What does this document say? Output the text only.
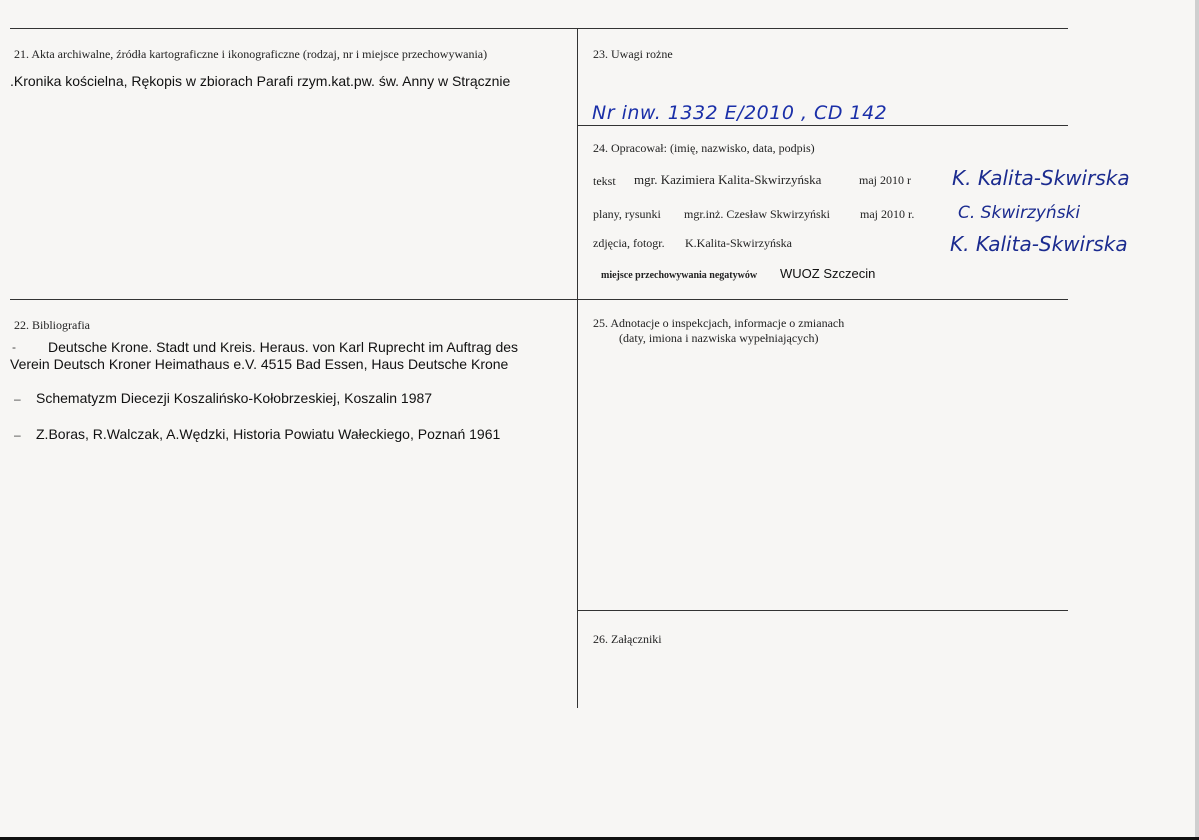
21. Akta archiwalne, źródła kartograficzne i ikonograficzne (rodzaj, nr i miejsce przechowywania)
.Kronika kościelna, Rękopis w zbiorach Parafi rzym.kat.pw. św. Anny w Strącznie
22. Bibliografia
- Deutsche Krone. Stadt und Kreis. Heraus. von Karl Ruprecht im Auftrag des
Verein Deutsch Kroner Heimathaus e.V. 4515 Bad Essen, Haus Deutsche Krone
– Schematyzm Diecezji Koszalińsko-Kołobrzeskiej, Koszalin 1987
– Z.Boras, R.Walczak, A.Wędzki, Historia Powiatu Wałeckiego, Poznań 1961
23. Uwagi rożne
Nr inw. 1332 E/2010 , CD 142
24. Opracował: (imię, nazwisko, data, podpis)
tekst mgr. Kazimiera Kalita-Skwirzyńska	maj 2010 r
plany, rysunki mgr.inż. Czesław Skwirzyński	maj 2010 r.
zdjęcia, fotogr. K.Kalita-Skwirzyńska
miejsce przechowywania negatywów WUOZ Szczecin
K. Kalita-Skwirska
C. Skwirzyński
K. Kalita-Skwirska
25. Adnotacje o inspekcjach, informacje o zmianach
(daty, imiona i nazwiska wypełniających)
26. Załączniki
